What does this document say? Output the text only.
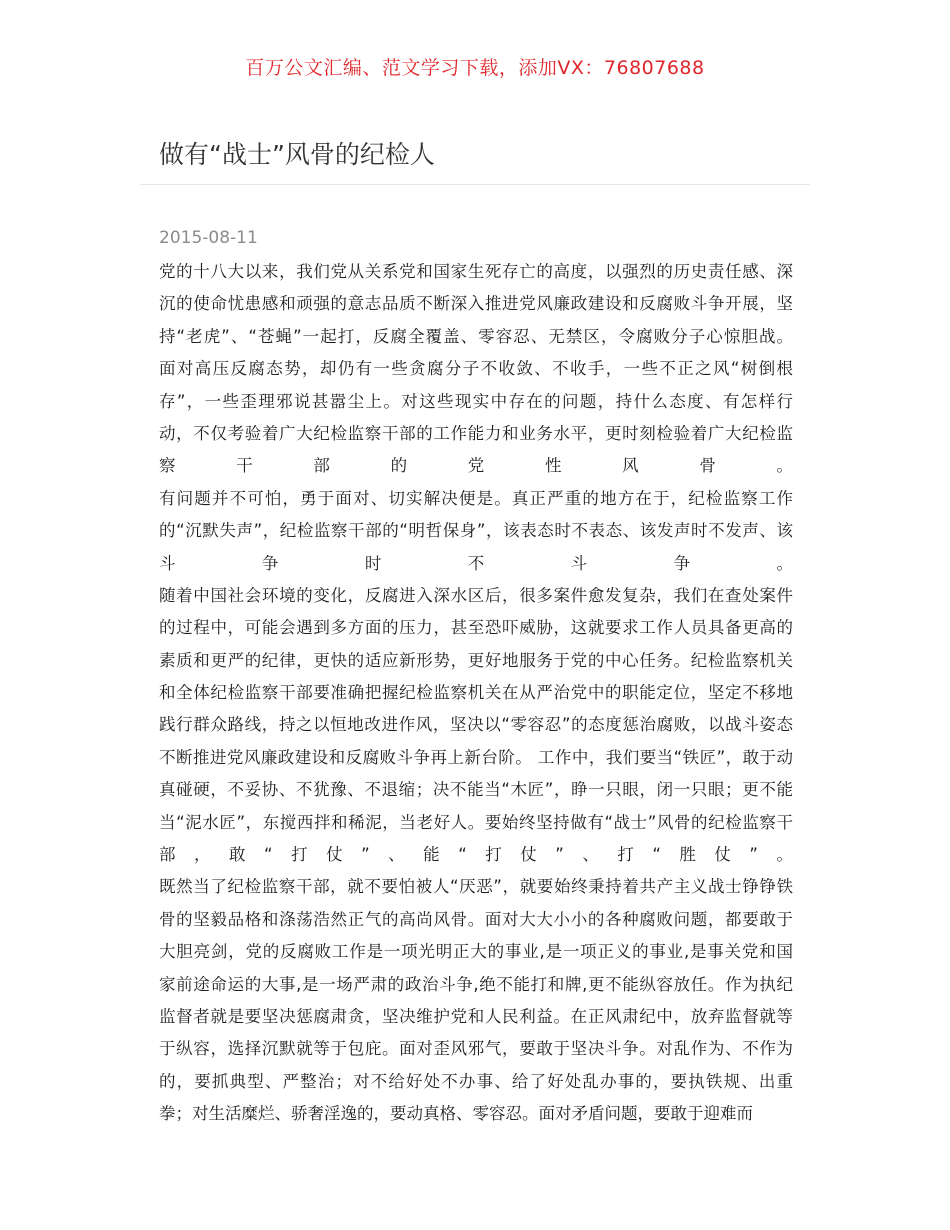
百万公文汇编、范文学习下载，添加VX：76807688
做有“战士”风骨的纪检人
2015-08-11
党的十八大以来，我们党从关系党和国家生死存亡的高度，以强烈的历史责任感、深
沉的使命忧患感和顽强的意志品质不断深入推进党风廉政建设和反腐败斗争开展，坚
持“老虎”、“苍蝇”一起打，反腐全覆盖、零容忍、无禁区，令腐败分子心惊胆战。
面对高压反腐态势，却仍有一些贪腐分子不收敛、不收手，一些不正之风“树倒根
存”，一些歪理邪说甚嚣尘上。对这些现实中存在的问题，持什么态度、有怎样行
动，不仅考验着广大纪检监察干部的工作能力和业务水平，更时刻检验着广大纪检监
察干部的党性风骨。
有问题并不可怕，勇于面对、切实解决便是。真正严重的地方在于，纪检监察工作
的“沉默失声”，纪检监察干部的“明哲保身”，该表态时不表态、该发声时不发声、该
斗争时不斗争。
随着中国社会环境的变化，反腐进入深水区后，很多案件愈发复杂，我们在查处案件
的过程中，可能会遇到多方面的压力，甚至恐吓威胁，这就要求工作人员具备更高的
素质和更严的纪律，更快的适应新形势，更好地服务于党的中心任务。纪检监察机关
和全体纪检监察干部要准确把握纪检监察机关在从严治党中的职能定位，坚定不移地
践行群众路线，持之以恒地改进作风，坚决以“零容忍”的态度惩治腐败，以战斗姿态
不断推进党风廉政建设和反腐败斗争再上新台阶。 工作中，我们要当“铁匠”，敢于动
真碰硬，不妥协、不犹豫、不退缩；决不能当“木匠”，睁一只眼，闭一只眼；更不能
当“泥水匠”，东搅西拌和稀泥，当老好人。要始终坚持做有“战士”风骨的纪检监察干
部，敢“打仗”、能“打仗”、打“胜仗”。
既然当了纪检监察干部，就不要怕被人“厌恶”，就要始终秉持着共产主义战士铮铮铁
骨的坚毅品格和涤荡浩然正气的高尚风骨。面对大大小小的各种腐败问题，都要敢于
大胆亮剑，党的反腐败工作是一项光明正大的事业,是一项正义的事业,是事关党和国
家前途命运的大事,是一场严肃的政治斗争,绝不能打和牌,更不能纵容放任。作为执纪
监督者就是要坚决惩腐肃贪，坚决维护党和人民利益。在正风肃纪中，放弃监督就等
于纵容，选择沉默就等于包庇。面对歪风邪气，要敢于坚决斗争。对乱作为、不作为
的，要抓典型、严整治；对不给好处不办事、给了好处乱办事的，要执铁规、出重
拳；对生活糜烂、骄奢淫逸的，要动真格、零容忍。面对矛盾问题，要敢于迎难而
